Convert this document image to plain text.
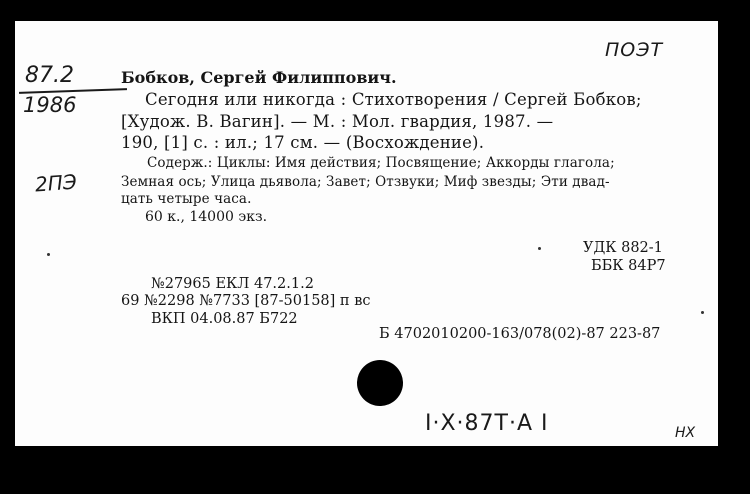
ПОЭТ
87.2
1986
2ПЭ
Бобков, Сергей Филиппович.
Сегодня или никогда : Стихотворения / Сергей Бобков;
[Худож. В. Вагин]. — М. : Мол. гвардия, 1987. —
190, [1] с. : ил.; 17 см. — (Восхождение).
Содерж.: Циклы: Имя действия; Посвящение; Аккорды глагола;
Земная ось; Улица дьявола; Завет; Отзвуки; Миф звезды; Эти двад-
цать четыре часа.
60 к., 14000 экз.
УДК 882-1
ББК 84Р7
№27965 ЕКЛ 47.2.1.2
69 №2298 №7733 [87-50158] п вс
ВКП 04.08.87 Б722
Б 4702010200-163/078(02)-87 223-87
I·X·87Т·А I	НХ
